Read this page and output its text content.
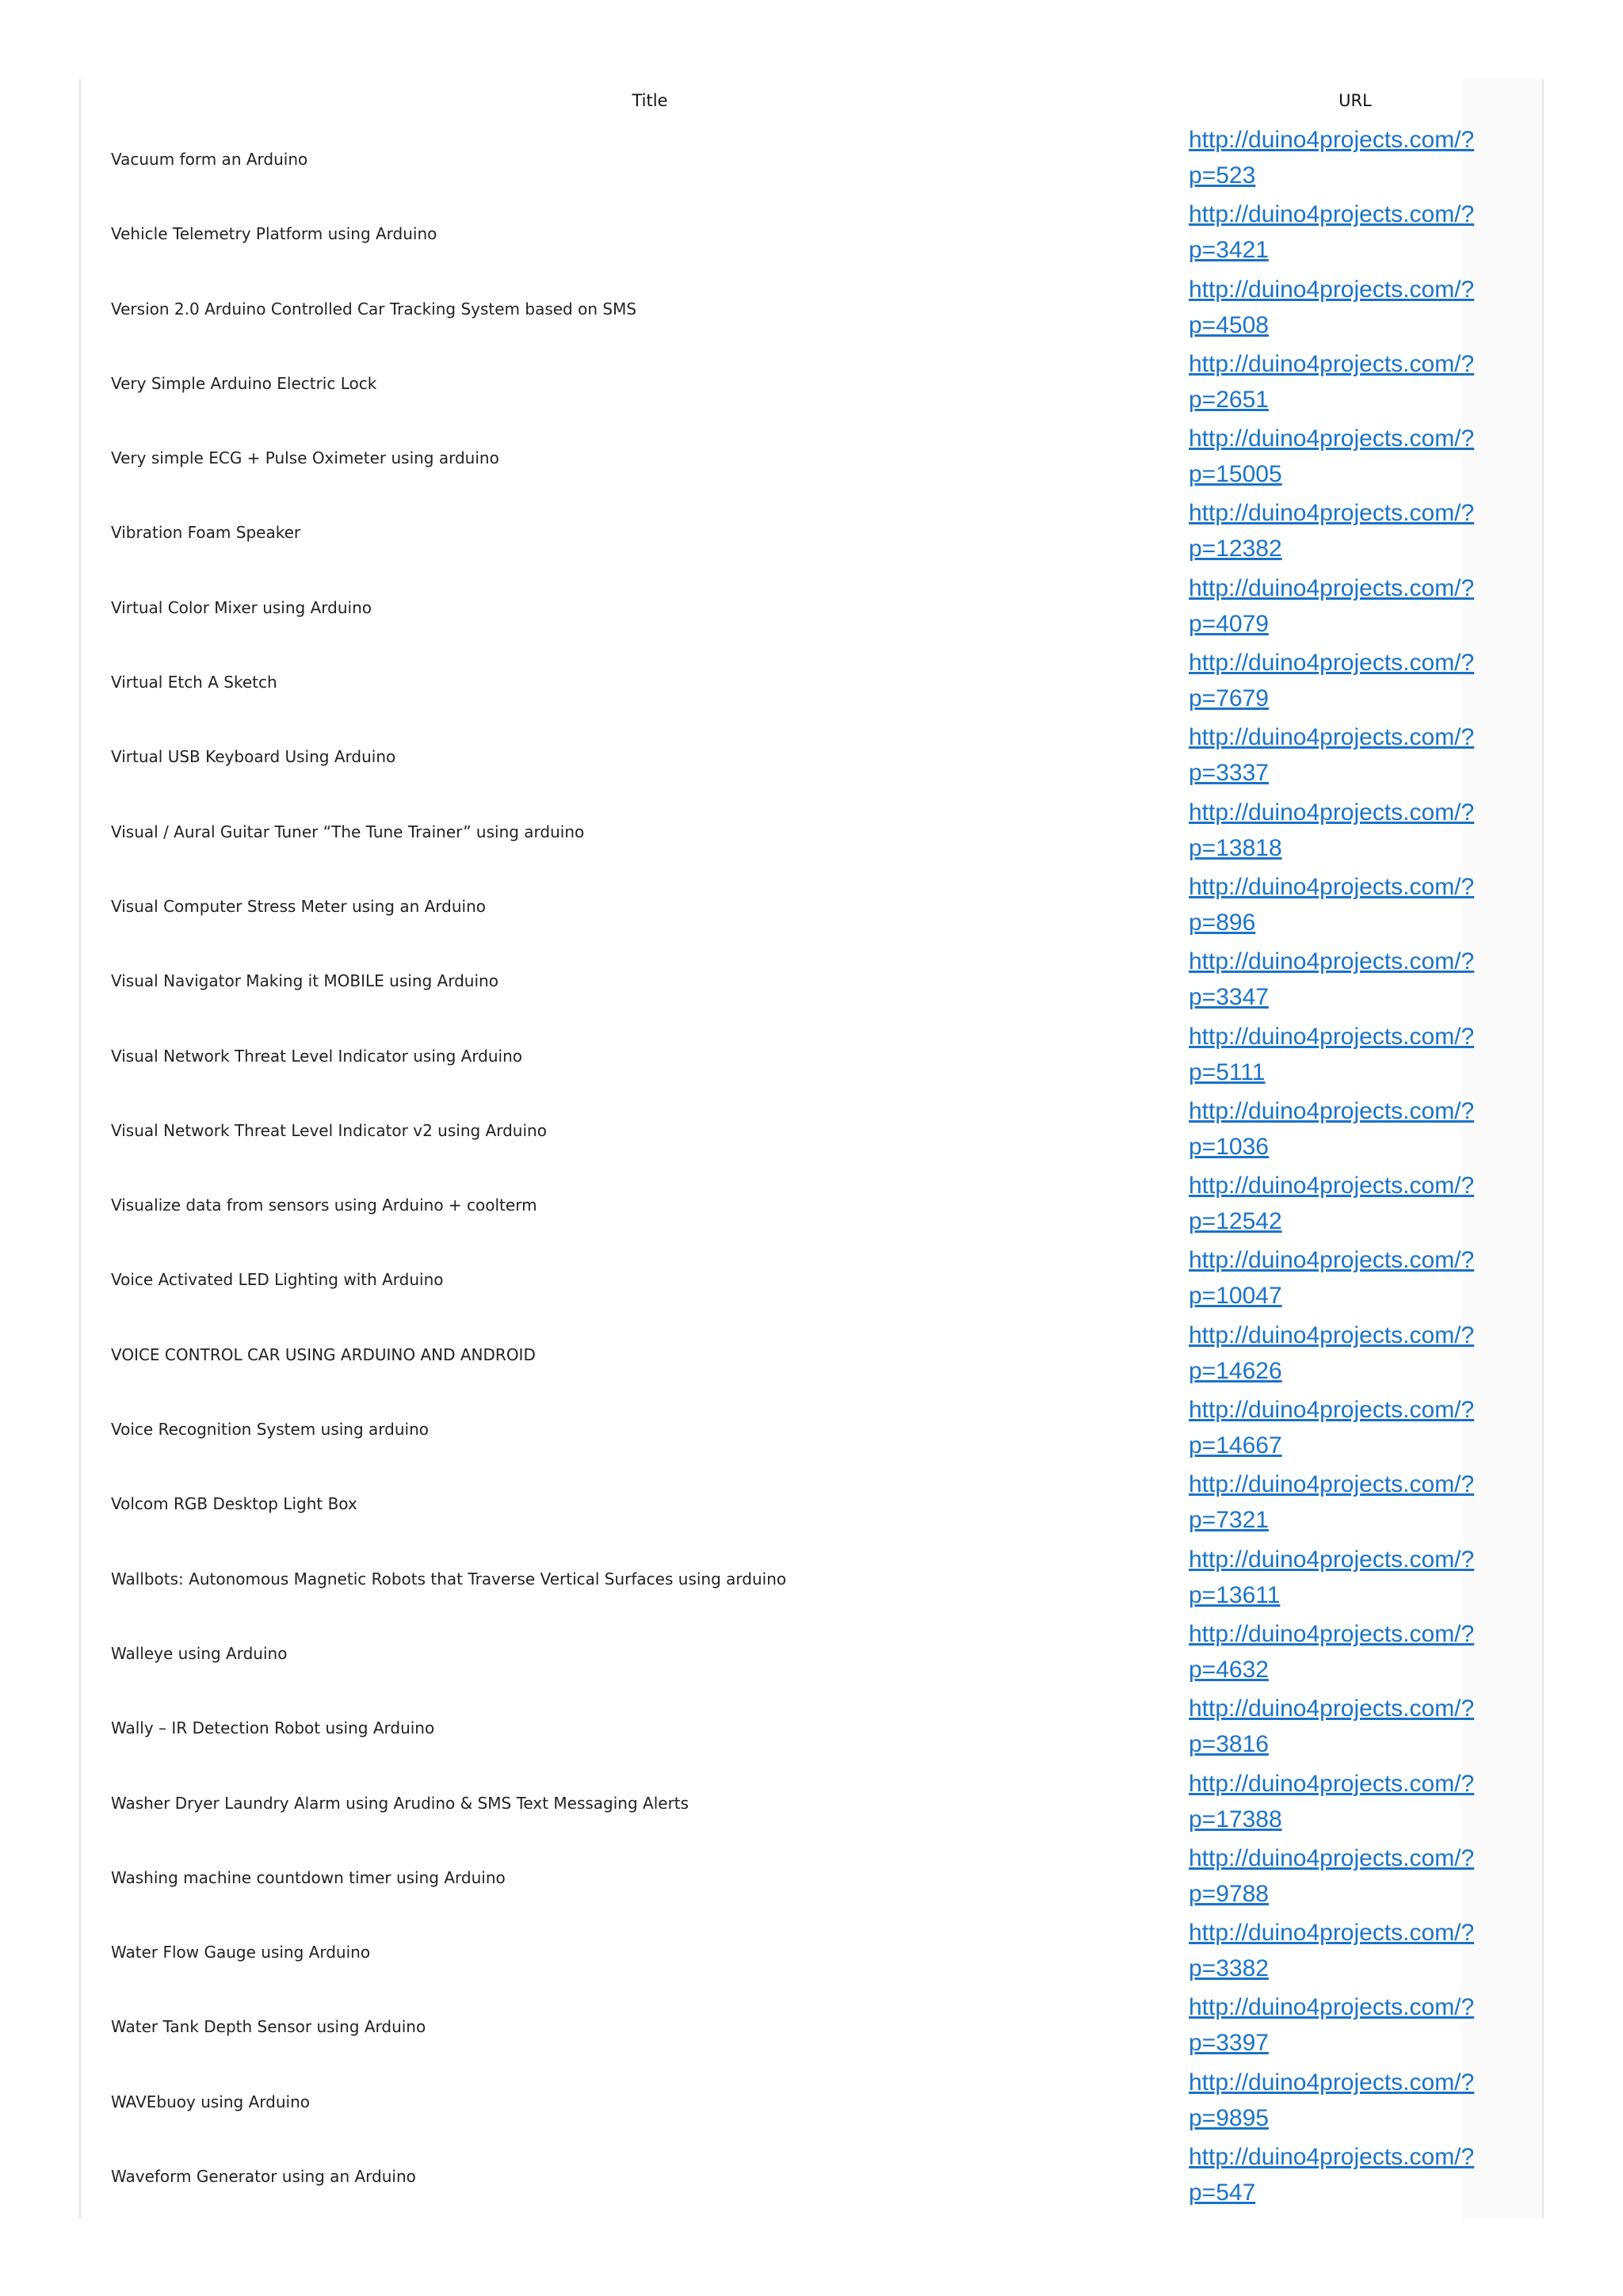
Title	URL
Vacuum form an Arduino
http://duino4projects.com/?
p=523
Vehicle Telemetry Platform using Arduino
http://duino4projects.com/?
p=3421
Version 2.0 Arduino Controlled Car Tracking System based on SMS
http://duino4projects.com/?
p=4508
Very Simple Arduino Electric Lock
http://duino4projects.com/?
p=2651
Very simple ECG + Pulse Oximeter using arduino
http://duino4projects.com/?
p=15005
Vibration Foam Speaker
http://duino4projects.com/?
p=12382
Virtual Color Mixer using Arduino
http://duino4projects.com/?
p=4079
Virtual Etch A Sketch
http://duino4projects.com/?
p=7679
Virtual USB Keyboard Using Arduino
http://duino4projects.com/?
p=3337
Visual / Aural Guitar Tuner “The Tune Trainer” using arduino
http://duino4projects.com/?
p=13818
Visual Computer Stress Meter using an Arduino
http://duino4projects.com/?
p=896
Visual Navigator Making it MOBILE using Arduino
http://duino4projects.com/?
p=3347
Visual Network Threat Level Indicator using Arduino
http://duino4projects.com/?
p=5111
Visual Network Threat Level Indicator v2 using Arduino
http://duino4projects.com/?
p=1036
Visualize data from sensors using Arduino + coolterm
http://duino4projects.com/?
p=12542
Voice Activated LED Lighting with Arduino
http://duino4projects.com/?
p=10047
VOICE CONTROL CAR USING ARDUINO AND ANDROID
http://duino4projects.com/?
p=14626
Voice Recognition System using arduino
http://duino4projects.com/?
p=14667
Volcom RGB Desktop Light Box
http://duino4projects.com/?
p=7321
Wallbots: Autonomous Magnetic Robots that Traverse Vertical Surfaces using arduino
http://duino4projects.com/?
p=13611
Walleye using Arduino
http://duino4projects.com/?
p=4632
Wally – IR Detection Robot using Arduino
http://duino4projects.com/?
p=3816
Washer Dryer Laundry Alarm using Arudino & SMS Text Messaging Alerts
http://duino4projects.com/?
p=17388
Washing machine countdown timer using Arduino
http://duino4projects.com/?
p=9788
Water Flow Gauge using Arduino
http://duino4projects.com/?
p=3382
Water Tank Depth Sensor using Arduino
http://duino4projects.com/?
p=3397
WAVEbuoy using Arduino
http://duino4projects.com/?
p=9895
Waveform Generator using an Arduino
http://duino4projects.com/?
p=547
